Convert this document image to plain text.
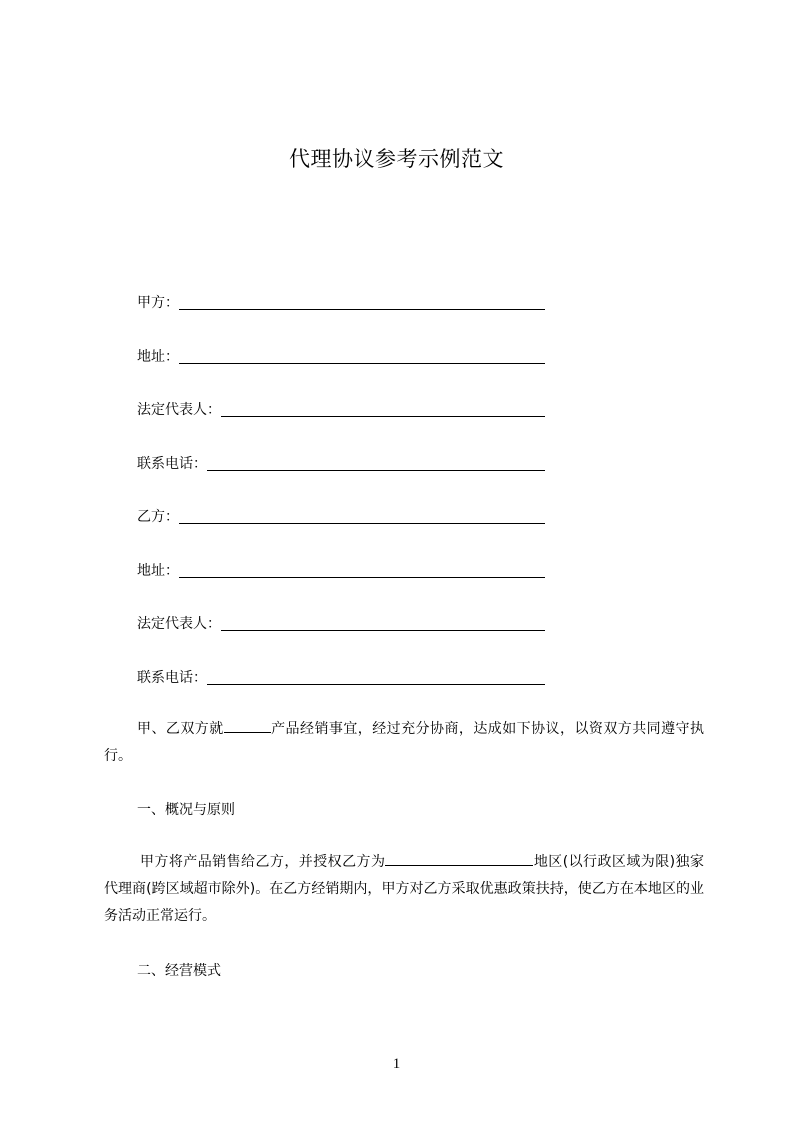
代理协议参考示例范文
甲方：
地址：
法定代表人：
联系电话：
乙方：
地址：
法定代表人：
联系电话：
甲、乙双方就	产品经销事宜，经过充分协商，达成如下协议，以资双方共同遵守执行。
一、概况与原则
甲方将产品销售给乙方，并授权乙方为	地区(以行政区域为限)独家代理商(跨区域超市除外)。在乙方经销期内，甲方对乙方采取优惠政策扶持，使乙方在本地区的业务活动正常运行。
二、经营模式
1
